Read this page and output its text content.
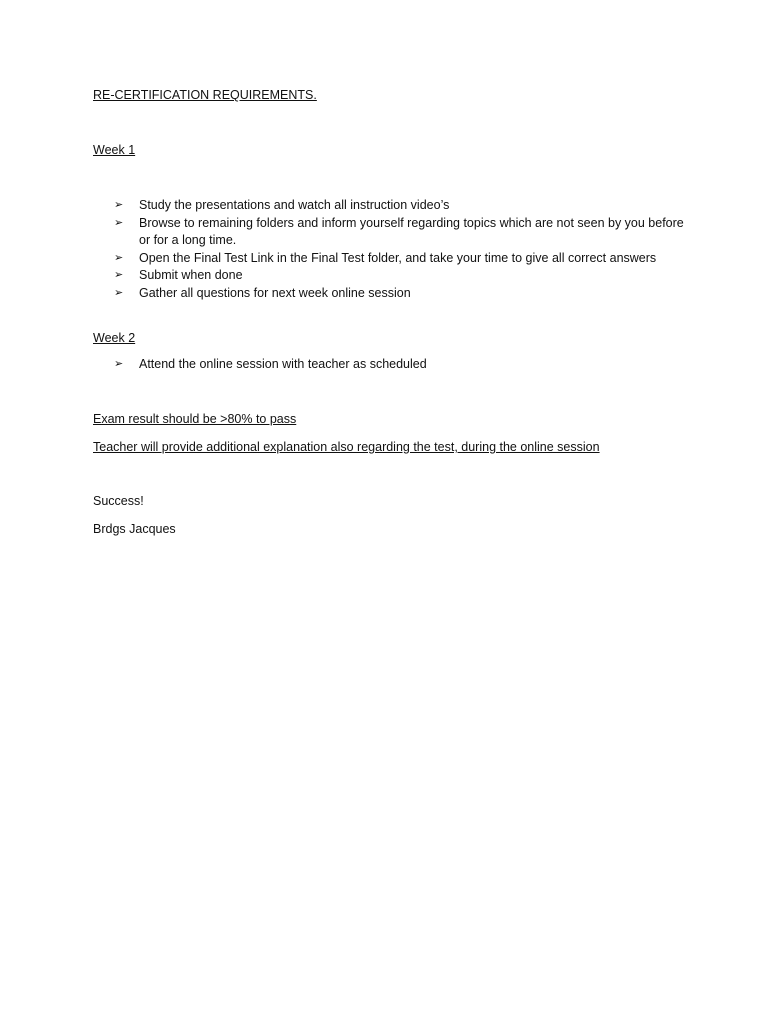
RE-CERTIFICATION REQUIREMENTS.
Week 1
➢	Study the presentations and watch all instruction video’s
➢	Browse to remaining folders and inform yourself regarding topics which are not seen by you before or for a long time.
➢	Open the Final Test Link in the Final Test folder, and take your time to give all correct answers
➢	Submit when done
➢	Gather all questions for next week online session
Week 2
➢	Attend the online session with teacher as scheduled
Exam result should be >80% to pass
Teacher will provide additional explanation also regarding the test, during the online session
Success!
Brdgs Jacques
